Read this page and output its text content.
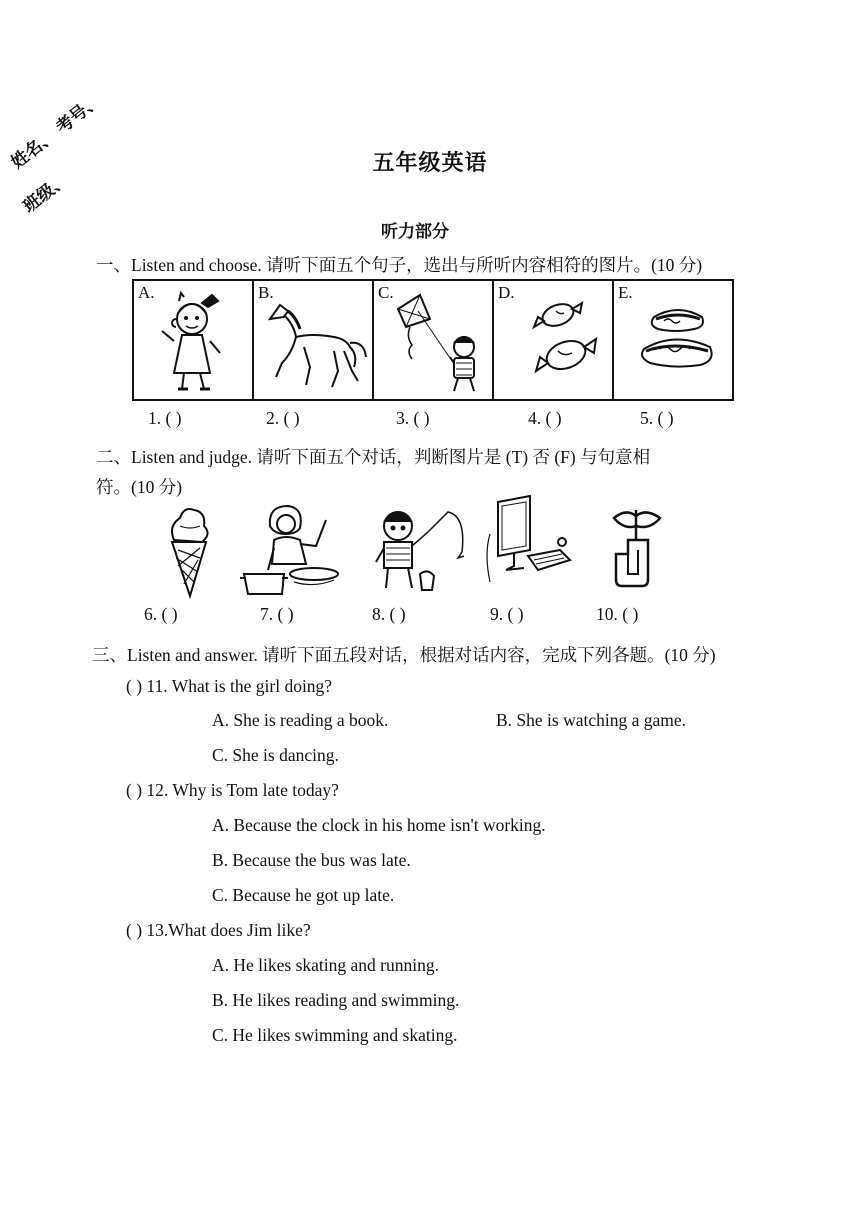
姓名、 考号、
班级、
五年级英语
听力部分
一、Listen and choose. 请听下面五个句子，选出与所听内容相符的图片。(10 分)
A.	B.	C.	D.	E.
1. ( )	2. ( )	3. ( )	4. ( )	5. ( )
二、Listen and judge. 请听下面五个对话，判断图片是 (T) 否 (F) 与句意相
符。(10 分)
6. ( )	7. ( )	8. ( )	9. ( )	10. ( )
三、Listen and answer. 请听下面五段对话，根据对话内容，完成下列各题。(10 分)
( ) 11. What is the girl doing?
A. She is reading a book.	B. She is watching a game.
C. She is dancing.
( ) 12. Why is Tom late today?
A. Because the clock in his home isn't working.
B. Because the bus was late.
C. Because he got up late.
( ) 13.What does Jim like?
A. He likes skating and running.
B. He likes reading and swimming.
C. He likes swimming and skating.
